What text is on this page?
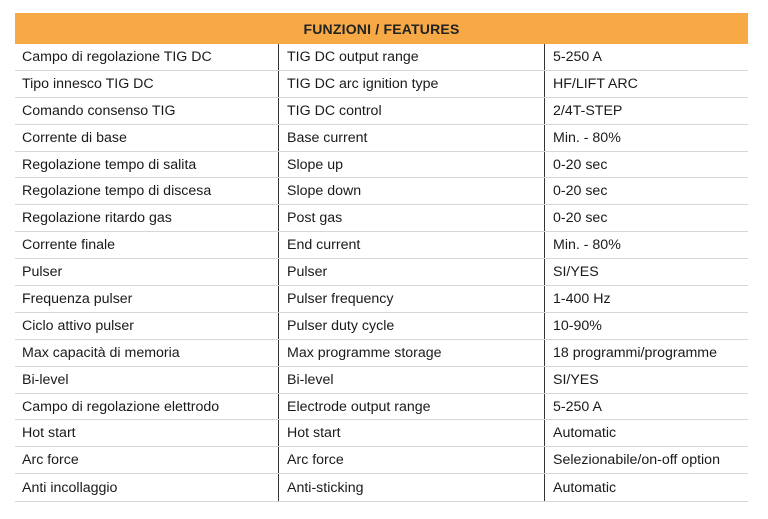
FUNZIONI / FEATURES
Campo di regolazione TIG DC	TIG DC output range	5-250 A
Tipo innesco TIG DC	TIG DC arc ignition type	HF/LIFT ARC
Comando consenso TIG	TIG DC control	2/4T-STEP
Corrente di base	Base current	Min. - 80%
Regolazione tempo di salita	Slope up	0-20 sec
Regolazione tempo di discesa	Slope down	0-20 sec
Regolazione ritardo gas	Post gas	0-20 sec
Corrente finale	End current	Min. - 80%
Pulser	Pulser	SI/YES
Frequenza pulser	Pulser frequency	1-400 Hz
Ciclo attivo pulser	Pulser duty cycle	10-90%
Max capacità di memoria	Max programme storage	18 programmi/programme
Bi-level	Bi-level	SI/YES
Campo di regolazione elettrodo	Electrode output range	5-250 A
Hot start	Hot start	Automatic
Arc force	Arc force	Selezionabile/on-off option
Anti incollaggio	Anti-sticking	Automatic
